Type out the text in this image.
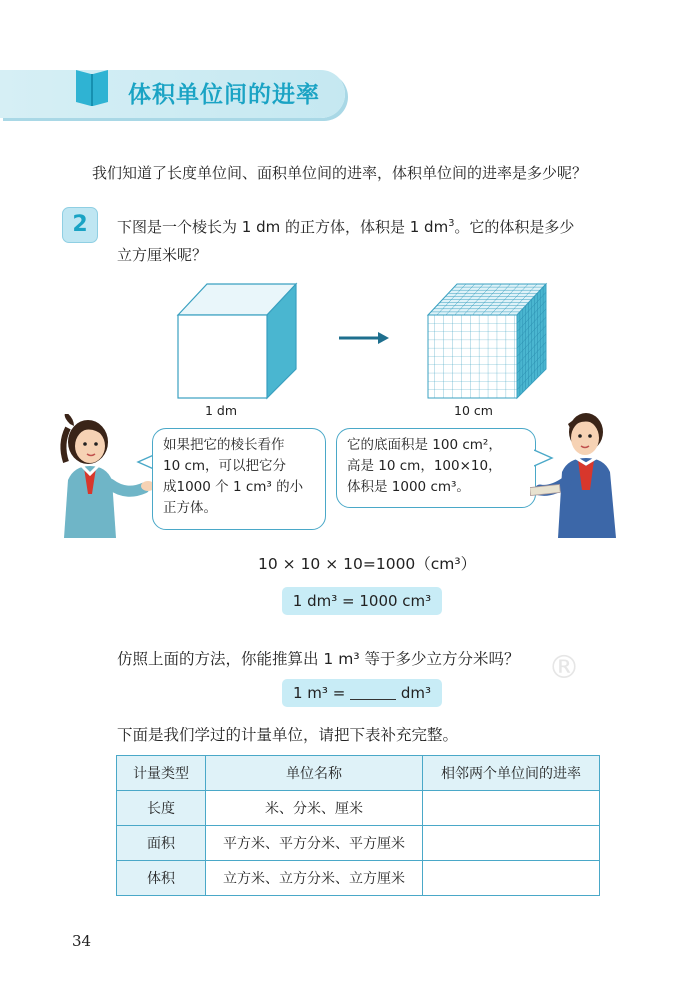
®
体积单位间的进率
我们知道了长度单位间、面积单位间的进率，体积单位间的进率是多少呢？
2	下图是一个棱长为 1 dm 的正方体，体积是 1 $dm^3$。它的体积是多少
立方厘米呢？
1 dm	10 cm
如果把它的棱长看作
10 cm，可以把它分
成1000 个 1 cm³ 的小
正方体。
它的底面积是 100 cm²，
高是 10 cm，100×10，
体积是 1000 cm³。
10 × 10 × 10=1000（cm³）
1 dm³ = 1000 cm³
仿照上面的方法，你能推算出 1 m³ 等于多少立方分米吗？
1 m³ =	dm³
下面是我们学过的计量单位，请把下表补充完整。
计量类型	单位名称	相邻两个单位间的进率
长度	米、分米、厘米	
面积	平方米、平方分米、平方厘米	
体积	立方米、立方分米、立方厘米	
34
